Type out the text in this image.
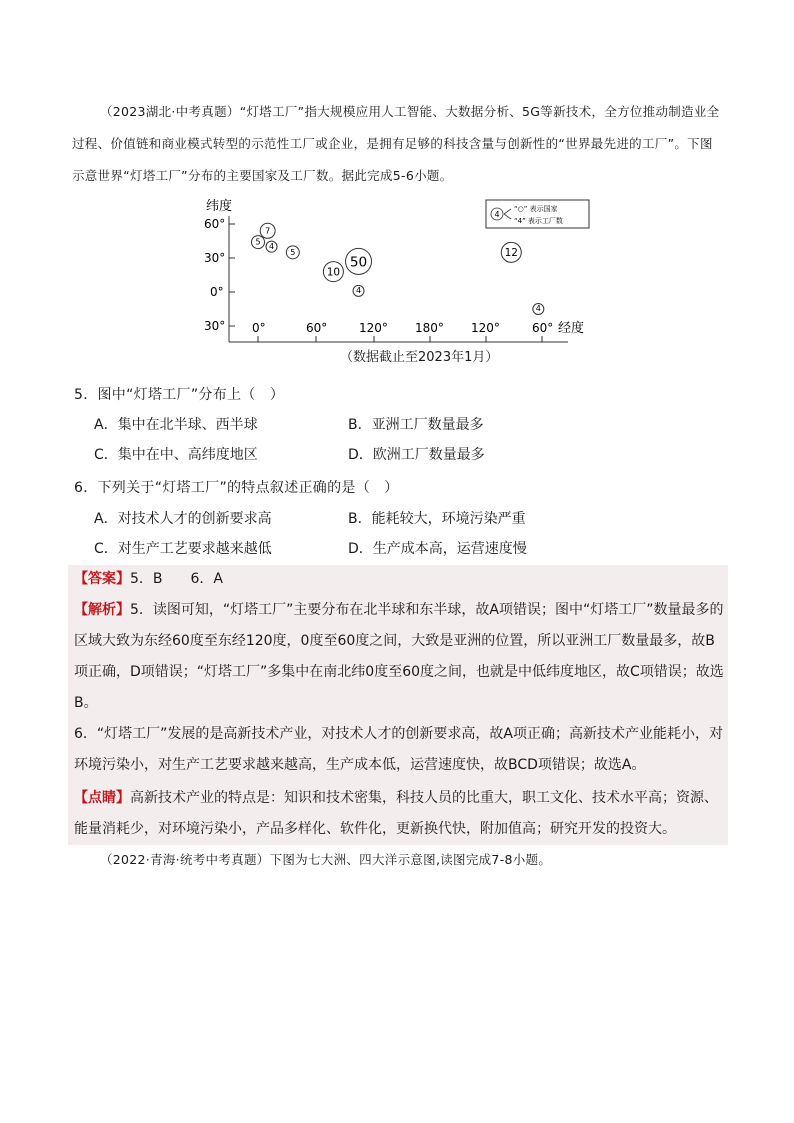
（2023湖北·中考真题）“灯塔工厂”指大规模应用人工智能、大数据分析、5G等新技术，全方位推动制造业全过程、价值链和商业模式转型的示范性工厂或企业，是拥有足够的科技含量与创新性的“世界最先进的工厂”。下图示意世界“灯塔工厂”分布的主要国家及工厂数。据此完成5-6小题。
纬度
60°
30°
0°
30° 0°	60°	120° 180° 120°	60° 经度
4
“○” 表示国家
“4” 表示工厂数
7
5 4
5
10
50
4
12
4
（数据截止至2023年1月）
5．图中“灯塔工厂”分布上（　）
A．集中在北半球、西半球	B．亚洲工厂数量最多
C．集中在中、高纬度地区	D．欧洲工厂数量最多
6．下列关于“灯塔工厂”的特点叙述正确的是（　）
A．对技术人才的创新要求高	B．能耗较大，环境污染严重
C．对生产工艺要求越来越低	D．生产成本高，运营速度慢
【答案】5．B　　6．A
【解析】5．读图可知，“灯塔工厂”主要分布在北半球和东半球，故A项错误；图中“灯塔工厂”数量最多的区域大致为东经60度至东经120度，0度至60度之间，大致是亚洲的位置，所以亚洲工厂数量最多，故B项正确，D项错误；“灯塔工厂”多集中在南北纬0度至60度之间，也就是中低纬度地区，故C项错误；故选B。
6．“灯塔工厂”发展的是高新技术产业，对技术人才的创新要求高，故A项正确；高新技术产业能耗小，对环境污染小，对生产工艺要求越来越高，生产成本低，运营速度快，故BCD项错误；故选A。
【点睛】高新技术产业的特点是：知识和技术密集，科技人员的比重大，职工文化、技术水平高；资源、能量消耗少，对环境污染小，产品多样化、软件化，更新换代快，附加值高；研究开发的投资大。
（2022·青海·统考中考真题）下图为七大洲、四大洋示意图,读图完成7-8小题。
